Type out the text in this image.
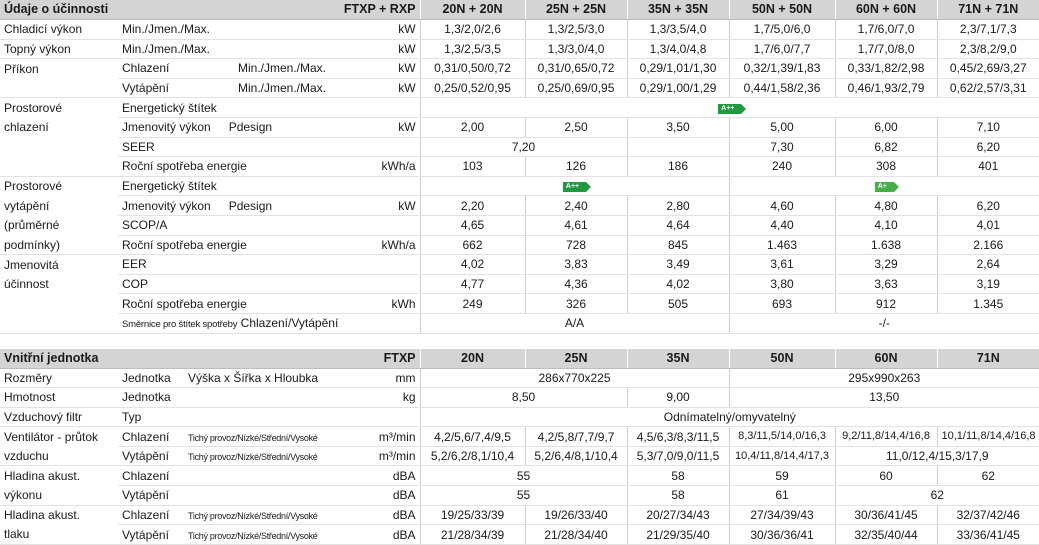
Údaje o účinnosti			FTXP + RXP	20N + 20N	25N + 25N	35N + 35N	50N + 50N	60N + 60N	71N + 71N
Chladicí výkon	Min./Jmen./Max.		kW	1,3/2,0/2,6	1,3/2,5/3,0	1,3/3,5/4,0	1,7/5,0/6,0	1,7/6,0/7,0	2,3/7,1/7,3
Topný výkon	Min./Jmen./Max.		kW	1,3/2,5/3,5	1,3/3,0/4,0	1,3/4,0/4,8	1,7/6,0/7,7	1,7/7,0/8,0	2,3/8,2/9,0
Příkon	Chlazení	Min./Jmen./Max.	kW	0,31/0,50/0,72	0,31/0,65/0,72	0,29/1,01/1,30	0,32/1,39/1,83	0,33/1,82/2,98	0,45/2,69/3,27
	Vytápění	Min./Jmen./Max.	kW	0,25/0,52/0,95	0,25/0,69/0,95	0,29/1,00/1,29	0,44/1,58/2,36	0,46/1,93/2,79	0,62/2,57/3,31
Prostorové	Energetický štítek			A++					
chlazení	Jmenovitý výkon Pdesign		kW	2,00	2,50	3,50	5,00	6,00	7,10
	SEER			7,20			7,30	6,82	6,20
	Roční spotřeba energie		kWh/a	103	126	186	240	308	401
Prostorové	Energetický štítek			A++			A+		
vytápění	Jmenovitý výkon Pdesign		kW	2,20	2,40	2,80	4,60	4,80	6,20
(průměrné	SCOP/A			4,65	4,61	4,64	4,40	4,10	4,01
podmínky)	Roční spotřeba energie		kWh/a	662	728	845	1.463	1.638	2.166
Jmenovitá	EER			4,02	3,83	3,49	3,61	3,29	2,64
účinnost	COP			4,77	4,36	4,02	3,80	3,63	3,19
	Roční spotřeba energie		kWh	249	326	505	693	912	1.345
	Směrnice pro štítek spotřeby Chlazení/Vytápění			A/A			-/-		

Vnitřní jednotka			FTXP	20N	25N	35N	50N	60N	71N
Rozměry	Jednotka	Výška x Šířka x Hloubka	mm	286x770x225			295x990x263		
Hmotnost	Jednotka		kg	8,50		9,00	13,50		
Vzduchový filtr	Typ			Odnímatelný/omyvatelný					
Ventilátor - průtok	Chlazení	Tichý provoz/Nízké/Střední/Vysoké	m³/min	4,2/5,6/7,4/9,5	4,2/5,8/7,7/9,7	4,5/6,3/8,3/11,5	8,3/11,5/14,0/16,3	9,2/11,8/14,4/16,8	10,1/11,8/14,4/16,8
vzduchu	Vytápění	Tichý provoz/Nízké/Střední/Vysoké	m³/min	5,2/6,2/8,1/10,4	5,2/6,4/8,1/10,4	5,3/7,0/9,0/11,5	10,4/11,8/14,4/17,3	11,0/12,4/15,3/17,9	
Hladina akust.	Chlazení		dBA	55		58	59	60	62
výkonu	Vytápění		dBA	55		58	61	62	
Hladina akust.	Chlazení	Tichý provoz/Nízké/Střední/Vysoké	dBA	19/25/33/39	19/26/33/40	20/27/34/43	27/34/39/43	30/36/41/45	32/37/42/46
tlaku	Vytápění	Tichý provoz/Nízké/Střední/Vysoké	dBA	21/28/34/39	21/28/34/40	21/29/35/40	30/36/36/41	32/35/40/44	33/36/41/45
